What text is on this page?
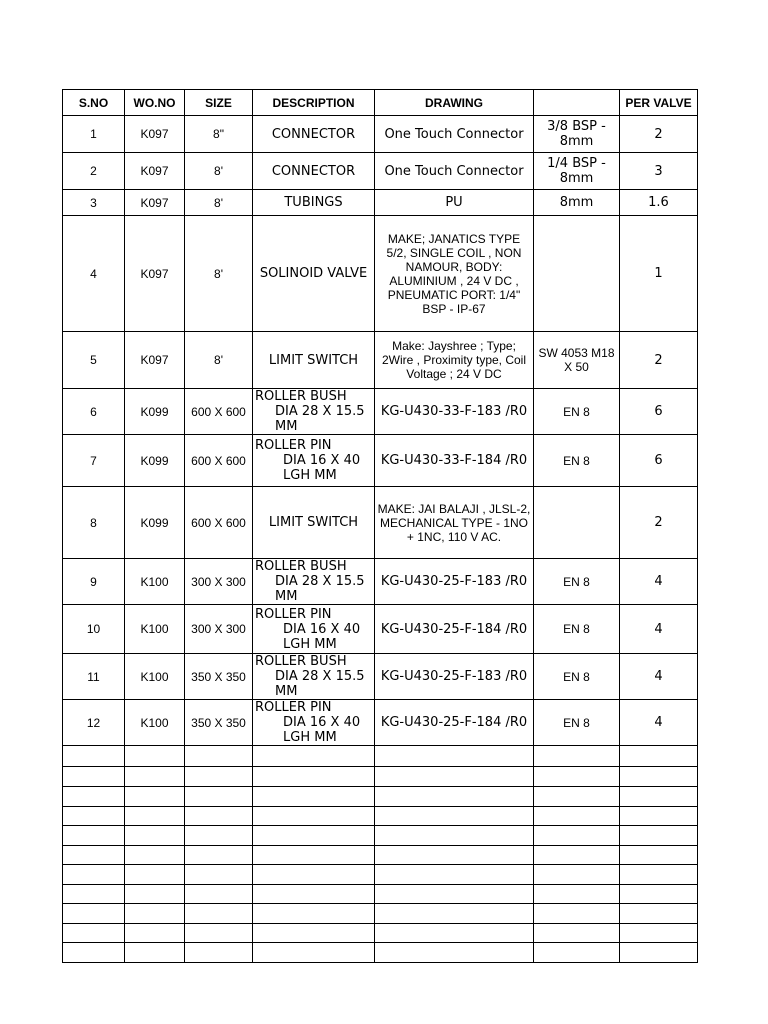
S.NO	WO.NO	SIZE	DESCRIPTION	DRAWING		PER VALVE
1	K097	8"	CONNECTOR	One Touch Connector	3/8 BSP - 8mm	2
2	K097	8'	CONNECTOR	One Touch Connector	1/4 BSP - 8mm	3
3	K097	8'	TUBINGS	PU	8mm	1.6
4	K097	8'	SOLINOID VALVE	MAKE; JANATICS TYPE 5/2, SINGLE COIL , NON NAMOUR, BODY: ALUMINIUM , 24 V DC , PNEUMATIC PORT: 1/4" BSP - IP-67		1
5	K097	8'	LIMIT SWITCH	Make: Jayshree ; Type; 2Wire , Proximity type, Coil Voltage ; 24 V DC	SW 4053 M18 X 50	2
6	K099	600 X 600	ROLLER BUSH
DIA 28 X 15.5 MM	KG-U430-33-F-183 /R0	EN 8	6
7	K099	600 X 600	ROLLER PIN
DIA 16 X 40 LGH MM	KG-U430-33-F-184 /R0	EN 8	6
8	K099	600 X 600	LIMIT SWITCH	MAKE: JAI BALAJI , JLSL-2, MECHANICAL TYPE - 1NO + 1NC, 110 V AC.		2
9	K100	300 X 300	ROLLER BUSH
DIA 28 X 15.5 MM	KG-U430-25-F-183 /R0	EN 8	4
10	K100	300 X 300	ROLLER PIN
DIA 16 X 40 LGH MM	KG-U430-25-F-184 /R0	EN 8	4
11	K100	350 X 350	ROLLER BUSH
DIA 28 X 15.5 MM	KG-U430-25-F-183 /R0	EN 8	4
12	K100	350 X 350	ROLLER PIN
DIA 16 X 40 LGH MM	KG-U430-25-F-184 /R0	EN 8	4
